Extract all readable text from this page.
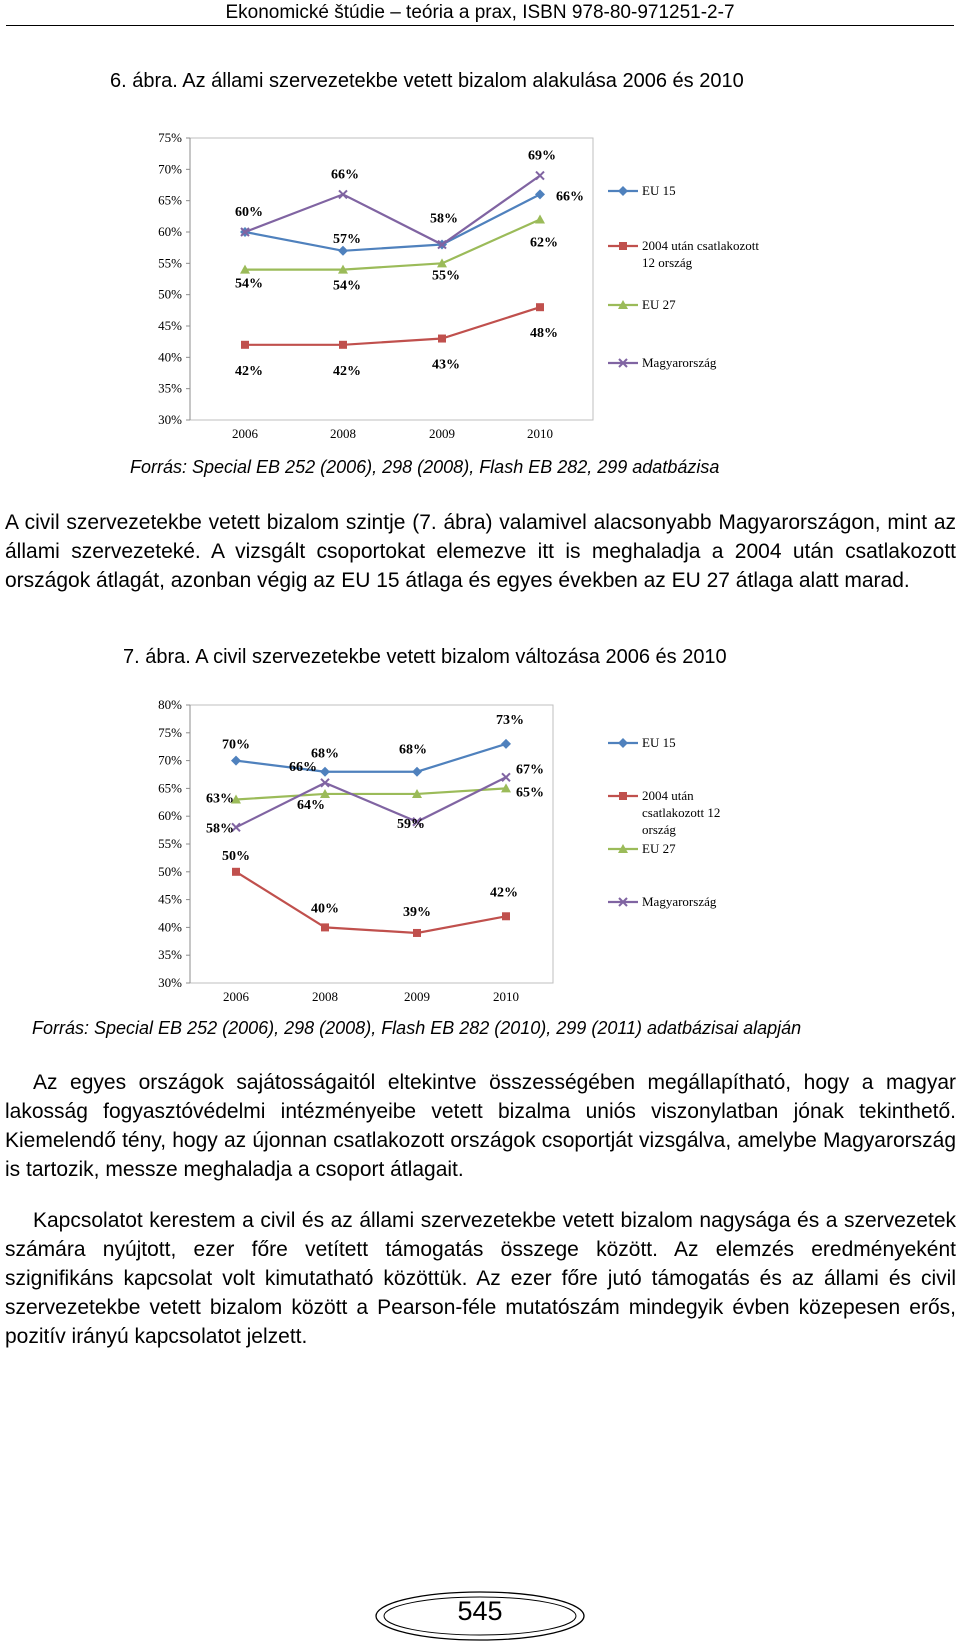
Ekonomické štúdie – teória a prax, ISBN 978-80-971251-2-7
6. ábra. Az állami szervezetekbe vetett bizalom alakulása 2006 és 2010
30%
35%
40%
45%
50%
55%
60%
65%
70%
75%
2006	2008	2009	2010
60%
57%
66%	EU 15
42%	42%	43%
48%
2004 után csatlakozott
12 ország
54%	54%
55%
62%
EU 27
66%
58%
69%
Magyarország
Forrás: Special EB 252 (2006), 298 (2008), Flash EB 282, 299 adatbázisa
A civil szervezetekbe vetett bizalom szintje (7. ábra) valamivel alacsonyabb Magyarországon, mint az állami szervezeteké. A vizsgált csoportokat elemezve itt is meghaladja a 2004 után csatlakozott országok átlagát, azonban végig az EU 15 átlaga és egyes években az EU 27 átlaga alatt marad.
7. ábra. A civil szervezetekbe vetett bizalom változása 2006 és 2010
30%
35%
40%
45%
50%
55%
60%
65%
70%
75%
80%
2006	2008	2009	2010
70%
68%	68%
73%
EU 15
50%
40%	39%
42%
2004 után
csatlakozott 12
ország
63%	64%
65%
EU 27
58%
66%
59%
67%
Magyarország
Forrás: Special EB 252 (2006), 298 (2008), Flash EB 282 (2010), 299 (2011) adatbázisai alapján
Az egyes országok sajátosságaitól eltekintve összességében megállapítható, hogy a magyar lakosság fogyasztóvédelmi intézményeibe vetett bizalma uniós viszonylatban jónak tekinthető. Kiemelendő tény, hogy az újonnan csatlakozott országok csoportját vizsgálva, amelybe Magyarország is tartozik, messze meghaladja a csoport átlagait.
Kapcsolatot kerestem a civil és az állami szervezetekbe vetett bizalom nagysága és a szervezetek számára nyújtott, ezer főre vetített támogatás összege között. Az elemzés eredményeként szignifikáns kapcsolat volt kimutatható közöttük. Az ezer főre jutó támogatás és az állami és civil szervezetekbe vetett bizalom között a Pearson-féle mutatószám mindegyik évben közepesen erős, pozitív irányú kapcsolatot jelzett.
545
